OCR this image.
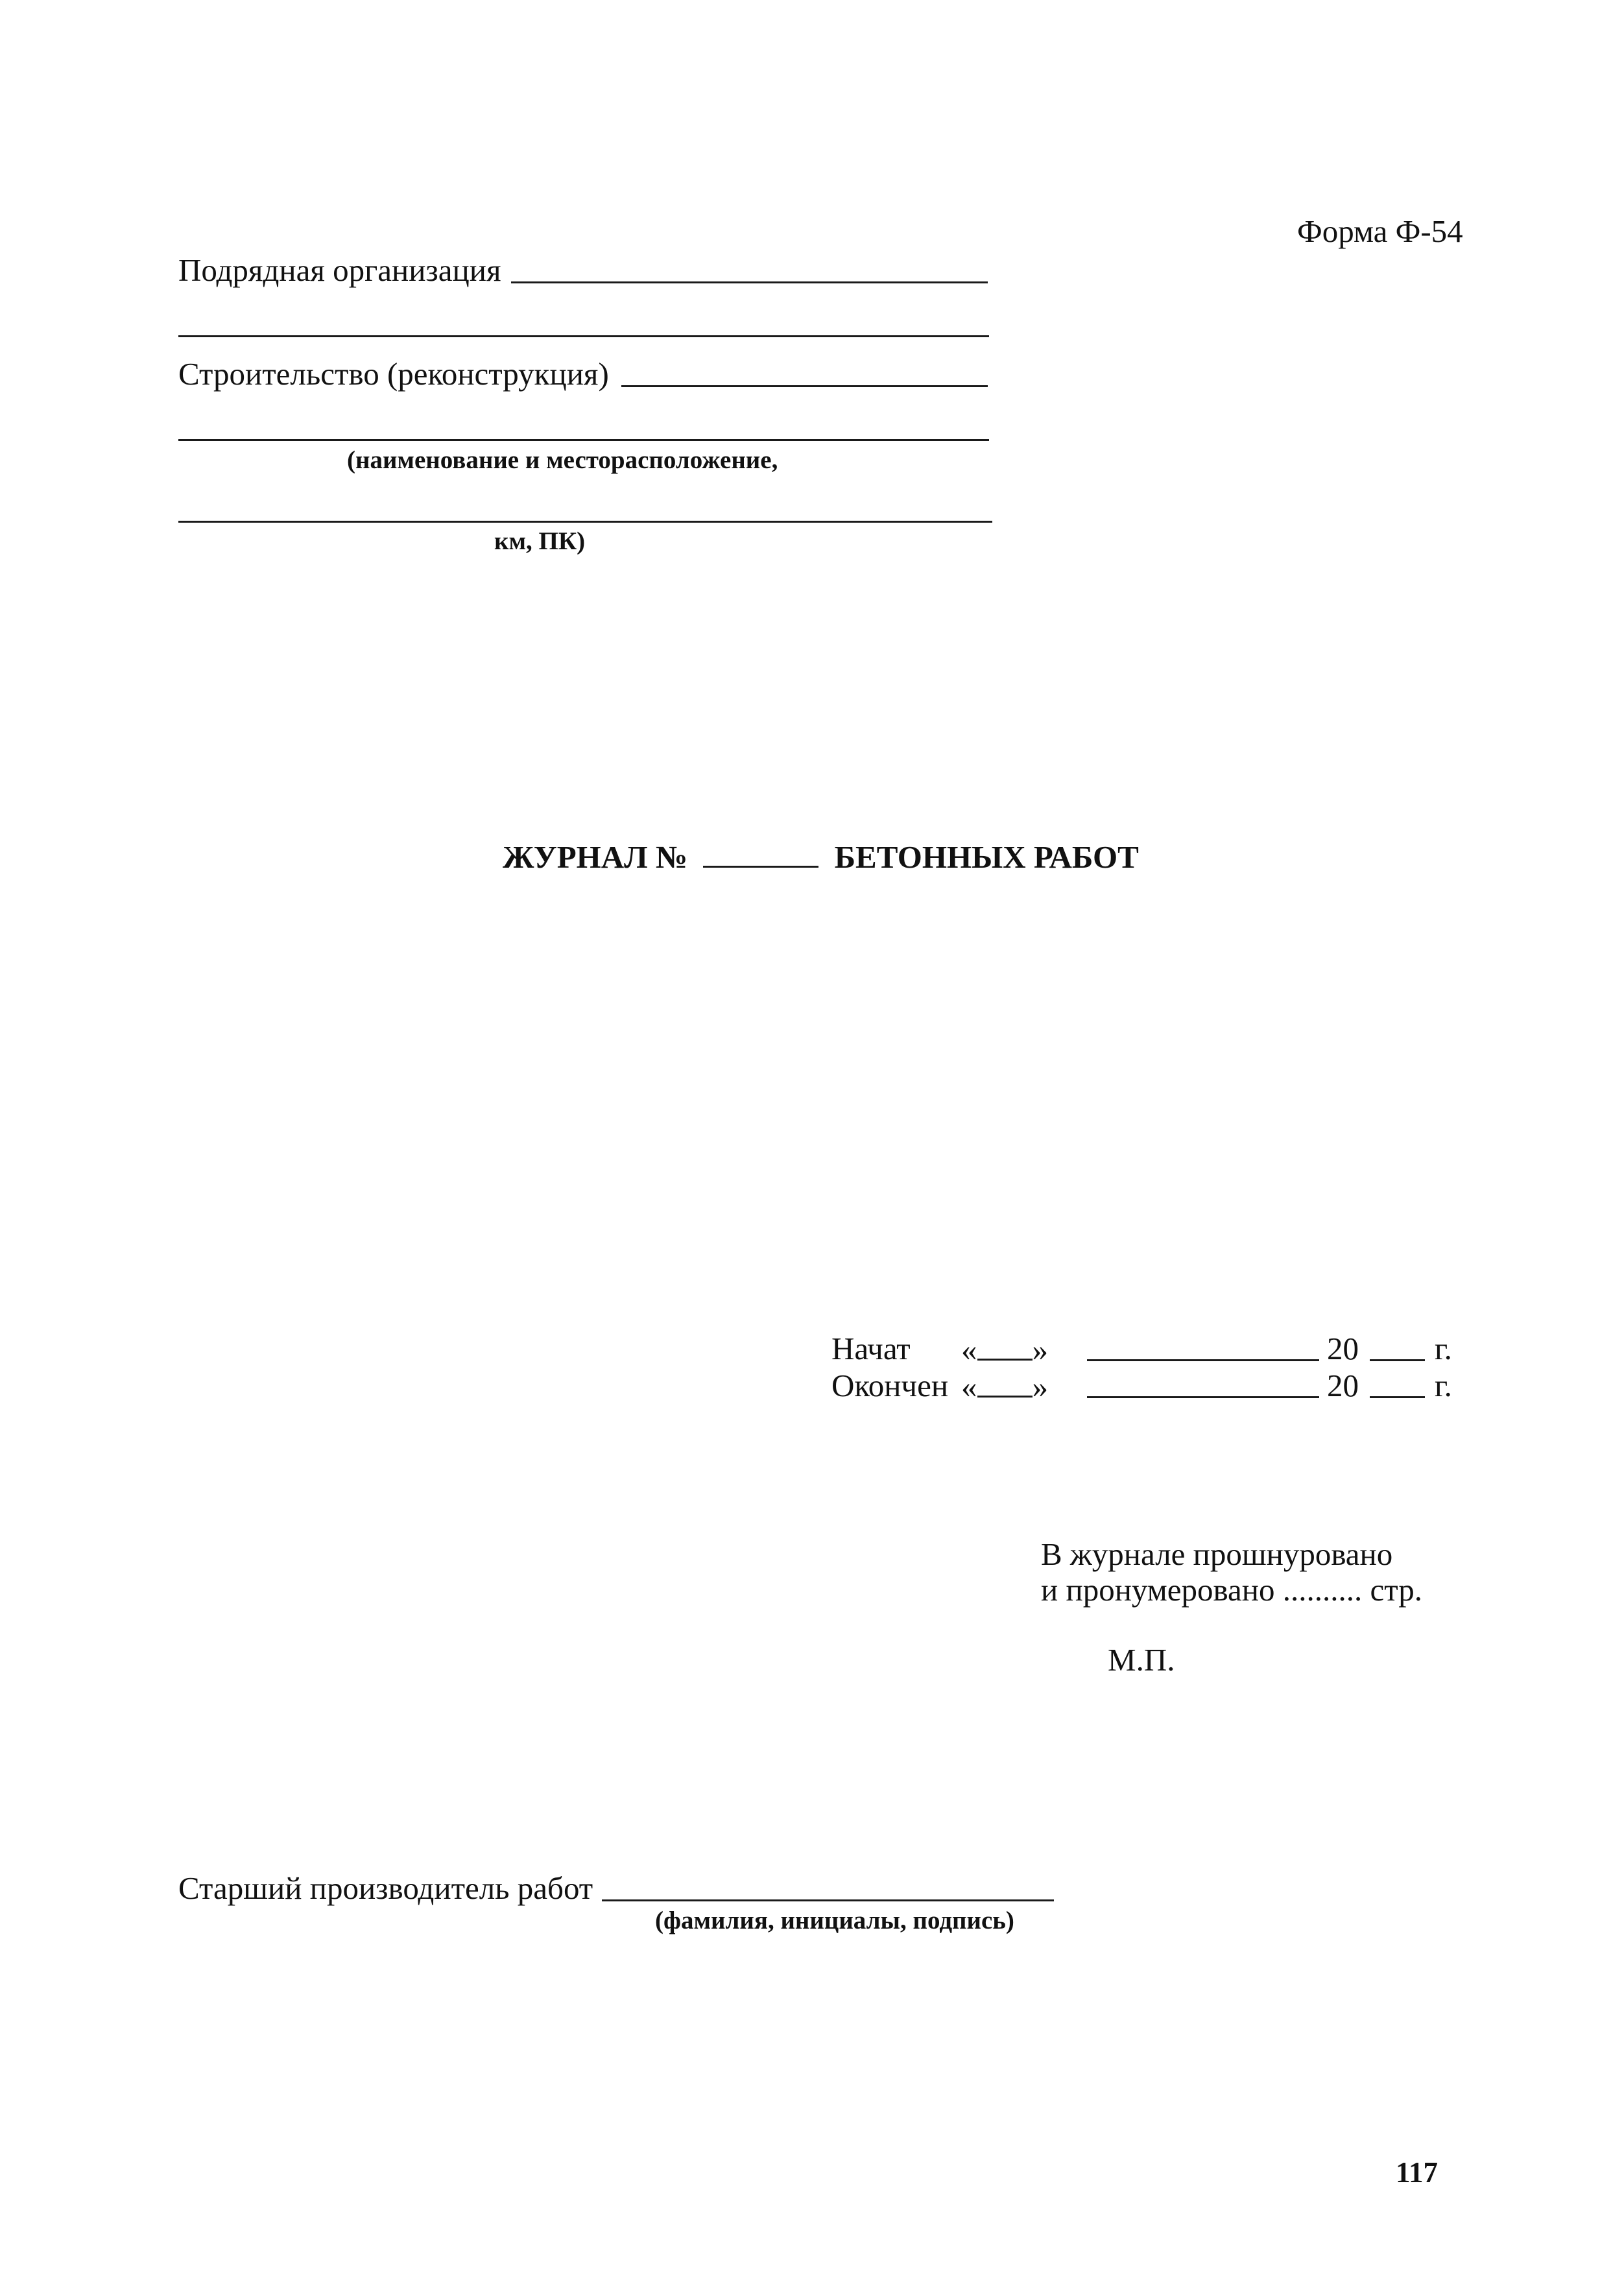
Форма Ф-54
Подрядная организация
Строительство (реконструкция)
(наименование и месторасположение,
км, ПК)
ЖУРНАЛ №	БЕТОННЫХ РАБОТ
Начат « »	20 г.
Окончен « »	20 г.
В журнале прошнуровано
и пронумеровано .......... стр.
М.П.
Старший производитель работ
(фамилия, инициалы, подпись)
117
